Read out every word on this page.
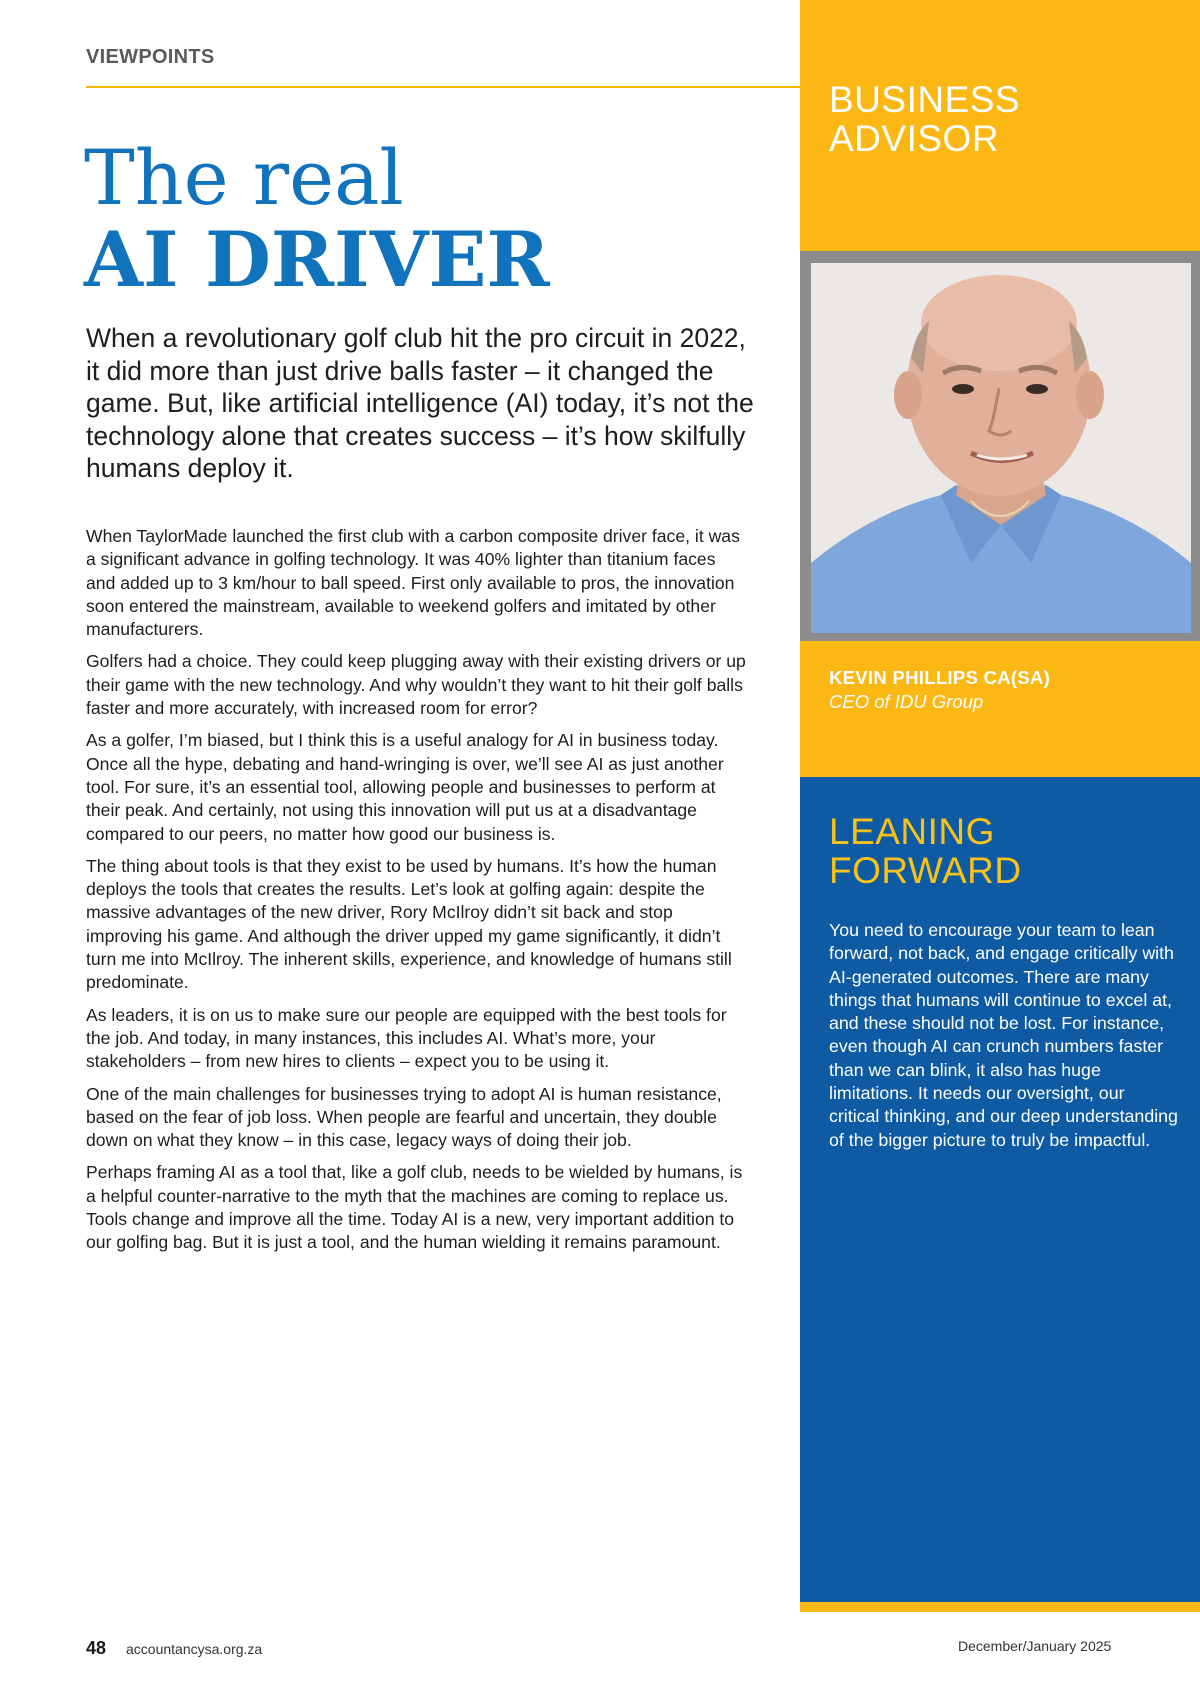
VIEWPOINTS
The real
AI DRIVER

When a revolutionary golf club hit the pro circuit in 2022, it did more than just drive balls faster – it changed the game. But, like artificial intelligence (AI) today, it’s not the technology alone that creates success – it’s how skilfully humans deploy it.

When TaylorMade launched the first club with a carbon composite driver face, it was a significant advance in golfing technology. It was 40% lighter than titanium faces and added up to 3 km/hour to ball speed. First only available to pros, the innovation soon entered the mainstream, available to weekend golfers and imitated by other manufacturers.

Golfers had a choice. They could keep plugging away with their existing drivers or up their game with the new technology. And why wouldn’t they want to hit their golf balls faster and more accurately, with increased room for error?

As a golfer, I’m biased, but I think this is a useful analogy for AI in business today. Once all the hype, debating and hand-wringing is over, we’ll see AI as just another tool. For sure, it’s an essential tool, allowing people and businesses to perform at their peak. And certainly, not using this innovation will put us at a disadvantage compared to our peers, no matter how good our business is.

The thing about tools is that they exist to be used by humans. It’s how the human deploys the tools that creates the results. Let’s look at golfing again: despite the massive advantages of the new driver, Rory McIlroy didn’t sit back and stop improving his game. And although the driver upped my game significantly, it didn’t turn me into McIlroy. The inherent skills, experience, and knowledge of humans still predominate.

As leaders, it is on us to make sure our people are equipped with the best tools for the job. And today, in many instances, this includes AI. What’s more, your stakeholders – from new hires to clients – expect you to be using it.

One of the main challenges for businesses trying to adopt AI is human resistance, based on the fear of job loss. When people are fearful and uncertain, they double down on what they know – in this case, legacy ways of doing their job.

Perhaps framing AI as a tool that, like a golf club, needs to be wielded by humans, is a helpful counter-narrative to the myth that the machines are coming to replace us. Tools change and improve all the time. Today AI is a new, very important addition to our golfing bag. But it is just a tool, and the human wielding it remains paramount.

BUSINESS
ADVISOR
KEVIN PHILLIPS CA(SA)
CEO of IDU Group
LEANING
FORWARD

You need to encourage your team to lean forward, not back, and engage critically with AI-generated outcomes. There are many things that humans will continue to excel at, and these should not be lost. For instance, even though AI can crunch numbers faster than we can blink, it also has huge limitations. It needs our oversight, our critical thinking, and our deep understanding of the bigger picture to truly be impactful.

48 accountancysa.org.za	December/January 2025
